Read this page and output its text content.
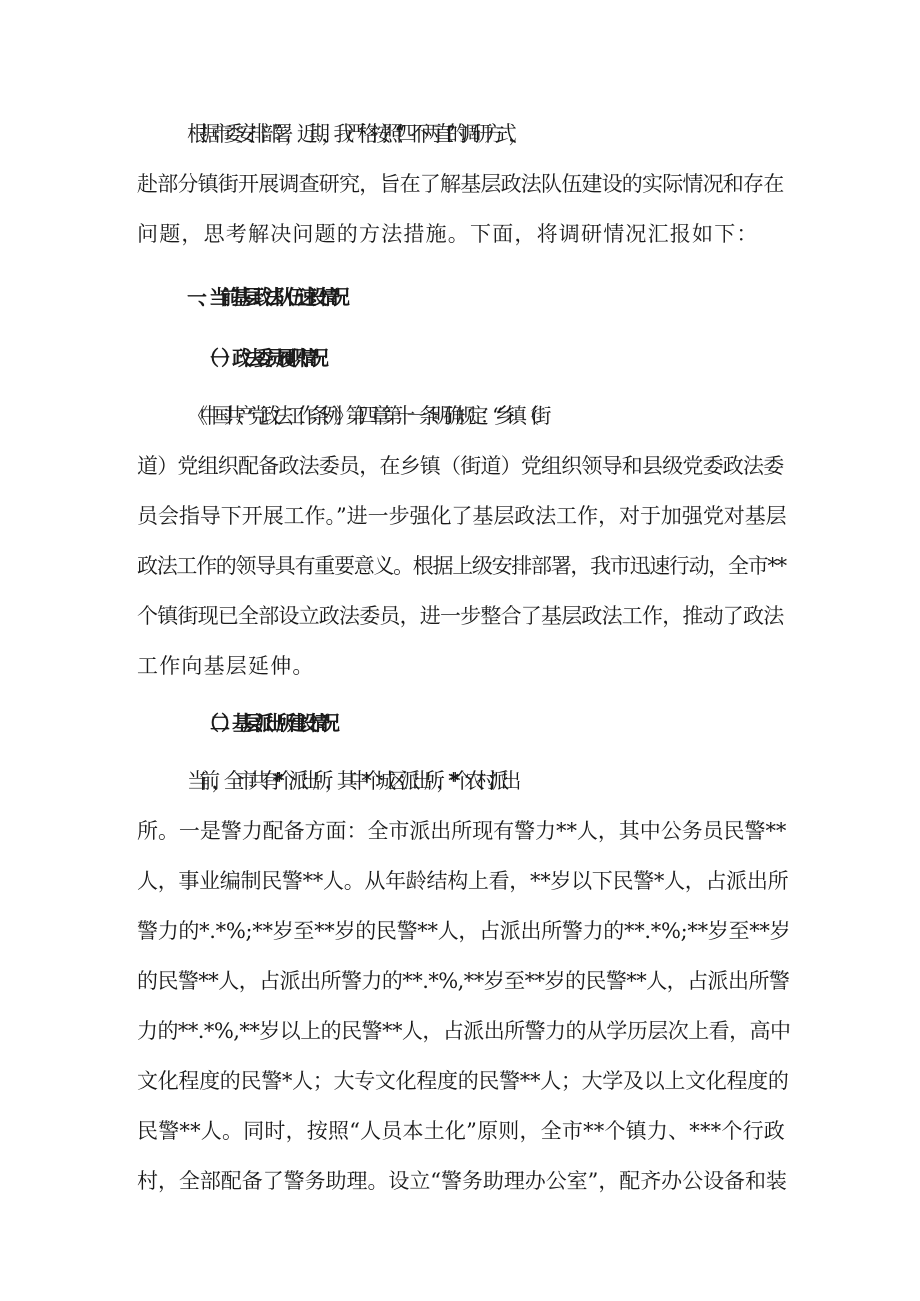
根据市委安排部署，近期，我严格按照“四不两直”的调研方式，
赴部分镇街开展调查研究，旨在了解基层政法队伍建设的实际情况和存在
问题，思考解决问题的方法措施。下面，将调研情况汇报如下：
一、当前基层政法队伍速设情况
（一）政法委员履职情况
《中国共产党政法工作条例》第四章第十一条明确规定：“乡镇（街
道）党组织配备政法委员，在乡镇（街道）党组织领导和县级党委政法委
员会指导下开展工作。”进一步强化了基层政法工作，对于加强党对基层
政法工作的领导具有重要意义。根据上级安排部署，我市迅速行动，全市**
个镇街现已全部设立政法委员，进一步整合了基层政法工作，推动了政法
工作向基层延伸。
（二）基层派出所建设情况
当前，全市共有**个派出所，其中*个城区派出所，**个农村派出
所。一是警力配备方面：全市派出所现有警力**人，其中公务员民警**
人，事业编制民警**人。从年龄结构上看，**岁以下民警*人，占派出所
警力的*.*%;**岁至**岁的民警**人，占派出所警力的**.*%;**岁至**岁
的民警**人，占派出所警力的**.*%,**岁至**岁的民警**人，占派出所警
力的**.*%,**岁以上的民警**人，占派出所警力的从学历层次上看，高中
文化程度的民警*人；大专文化程度的民警**人；大学及以上文化程度的
民警**人。同时，按照“人员本土化”原则，全市**个镇力、***个行政
村，全部配备了警务助理。设立“警务助理办公室”，配齐办公设备和装
